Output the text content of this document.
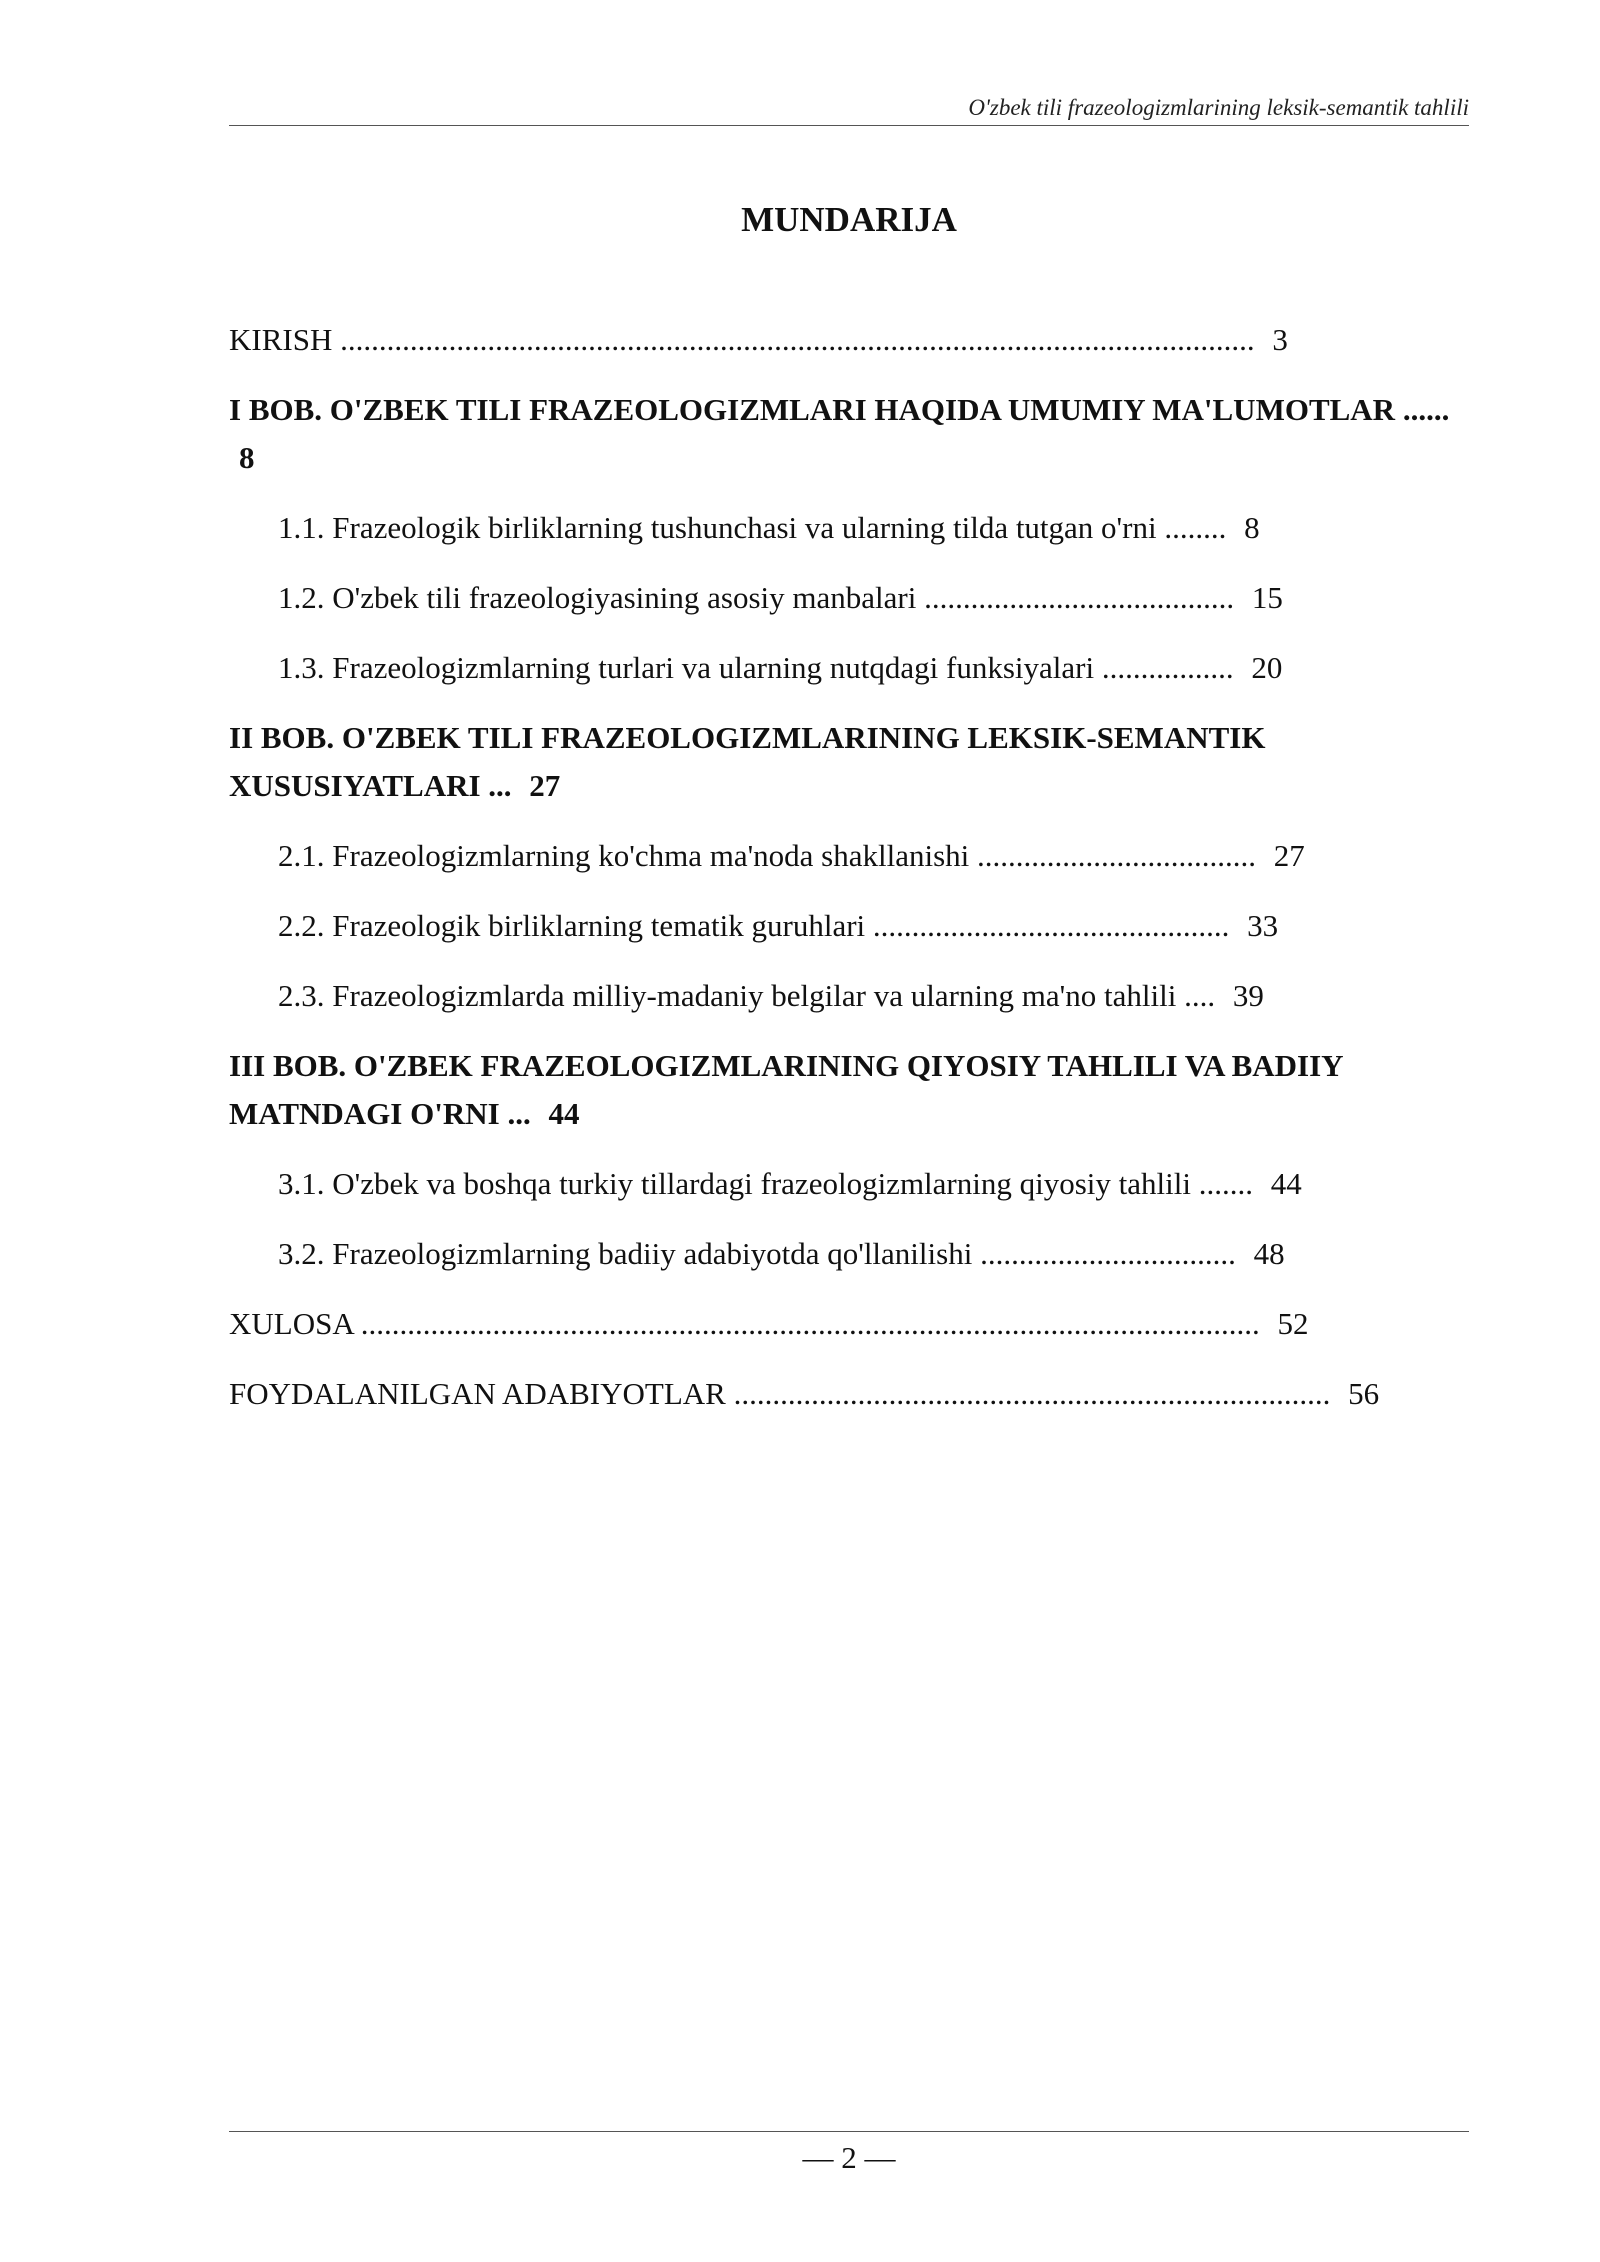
O'zbek tili frazeologizmlarining leksik-semantik tahlili
MUNDARIJA

KIRISH ...................................................................................................................... 3

I BOB. O'ZBEK TILI FRAZEOLOGIZMLARI HAQIDA UMUMIY MA'LUMOTLAR ...... 8

1.1. Frazeologik birliklarning tushunchasi va ularning tilda tutgan o'rni ........ 8

1.2. O'zbek tili frazeologiyasining asosiy manbalari ........................................ 15

1.3. Frazeologizmlarning turlari va ularning nutqdagi funksiyalari ................. 20

II BOB. O'ZBEK TILI FRAZEOLOGIZMLARINING LEKSIK-SEMANTIK XUSUSIYATLARI ... 27

2.1. Frazeologizmlarning ko'chma ma'noda shakllanishi .................................... 27

2.2. Frazeologik birliklarning tematik guruhlari .............................................. 33

2.3. Frazeologizmlarda milliy-madaniy belgilar va ularning ma'no tahlili .... 39

III BOB. O'ZBEK FRAZEOLOGIZMLARINING QIYOSIY TAHLILI VA BADIIY MATNDAGI O'RNI ... 44

3.1. O'zbek va boshqa turkiy tillardagi frazeologizmlarning qiyosiy tahlili ....... 44

3.2. Frazeologizmlarning badiiy adabiyotda qo'llanilishi ................................. 48

XULOSA .................................................................................................................... 52

FOYDALANILGAN ADABIYOTLAR ............................................................................. 56

— 2 —
